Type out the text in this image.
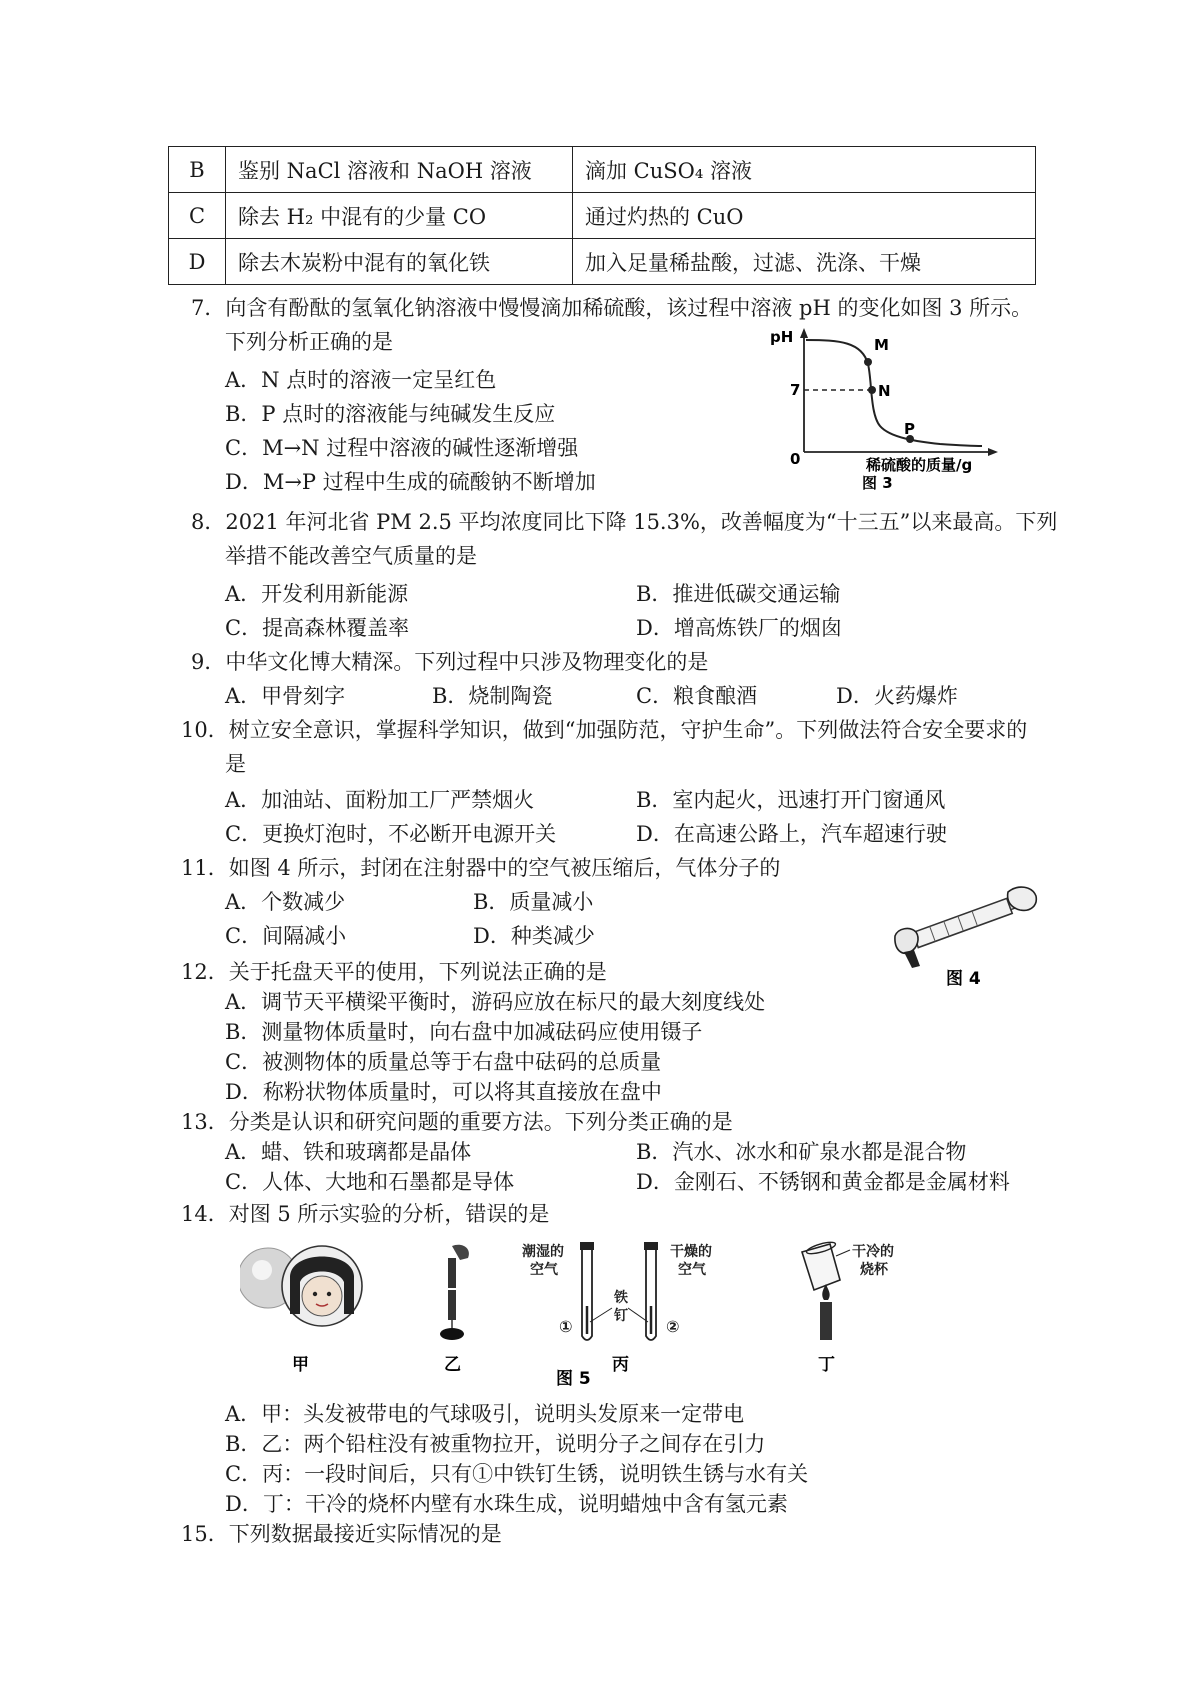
B	鉴别 NaCl 溶液和 NaOH 溶液	滴加 CuSO₄ 溶液
C	除去 H₂ 中混有的少量 CO	通过灼热的 CuO
D	除去木炭粉中混有的氧化铁	加入足量稀盐酸，过滤、洗涤、干燥
7．向含有酚酞的氢氧化钠溶液中慢慢滴加稀硫酸，该过程中溶液 pH 的变化如图 3 所示。
下列分析正确的是
A．N 点时的溶液一定呈红色
B．P 点时的溶液能与纯碱发生反应
C．M→N 过程中溶液的碱性逐渐增强
D．M→P 过程中生成的硫酸钠不断增加
pH
7
0
M
N
P
稀硫酸的质量/g
图 3
8．2021 年河北省 PM 2.5 平均浓度同比下降 15.3%，改善幅度为“十三五”以来最高。下列
举措不能改善空气质量的是
A．开发利用新能源	B．推进低碳交通运输
C．提高森林覆盖率	D．增高炼铁厂的烟囱
9．中华文化博大精深。下列过程中只涉及物理变化的是
A．甲骨刻字	B．烧制陶瓷	C．粮食酿酒	D．火药爆炸
10．树立安全意识，掌握科学知识，做到“加强防范，守护生命”。下列做法符合安全要求的
是
A．加油站、面粉加工厂严禁烟火	B．室内起火，迅速打开门窗通风
C．更换灯泡时，不必断开电源开关	D．在高速公路上，汽车超速行驶
11．如图 4 所示，封闭在注射器中的空气被压缩后，气体分子的
A．个数减少	B．质量减小
C．间隔减小	D．种类减少
图 4
12．关于托盘天平的使用，下列说法正确的是
A．调节天平横梁平衡时，游码应放在标尺的最大刻度线处
B．测量物体质量时，向右盘中加减砝码应使用镊子
C．被测物体的质量总等于右盘中砝码的总质量
D．称粉状物体质量时，可以将其直接放在盘中
13．分类是认识和研究问题的重要方法。下列分类正确的是
A．蜡、铁和玻璃都是晶体	B．汽水、冰水和矿泉水都是混合物
C．人体、大地和石墨都是导体	D．金刚石、不锈钢和黄金都是金属材料
14．对图 5 所示实验的分析，错误的是
甲	乙
潮湿的
空气
①
铁
钉
②
干燥的
空气
丙
图 5
干冷的
烧杯
丁
A．甲：头发被带电的气球吸引，说明头发原来一定带电
B．乙：两个铅柱没有被重物拉开，说明分子之间存在引力
C．丙：一段时间后，只有①中铁钉生锈，说明铁生锈与水有关
D．丁：干冷的烧杯内壁有水珠生成，说明蜡烛中含有氢元素
15．下列数据最接近实际情况的是
